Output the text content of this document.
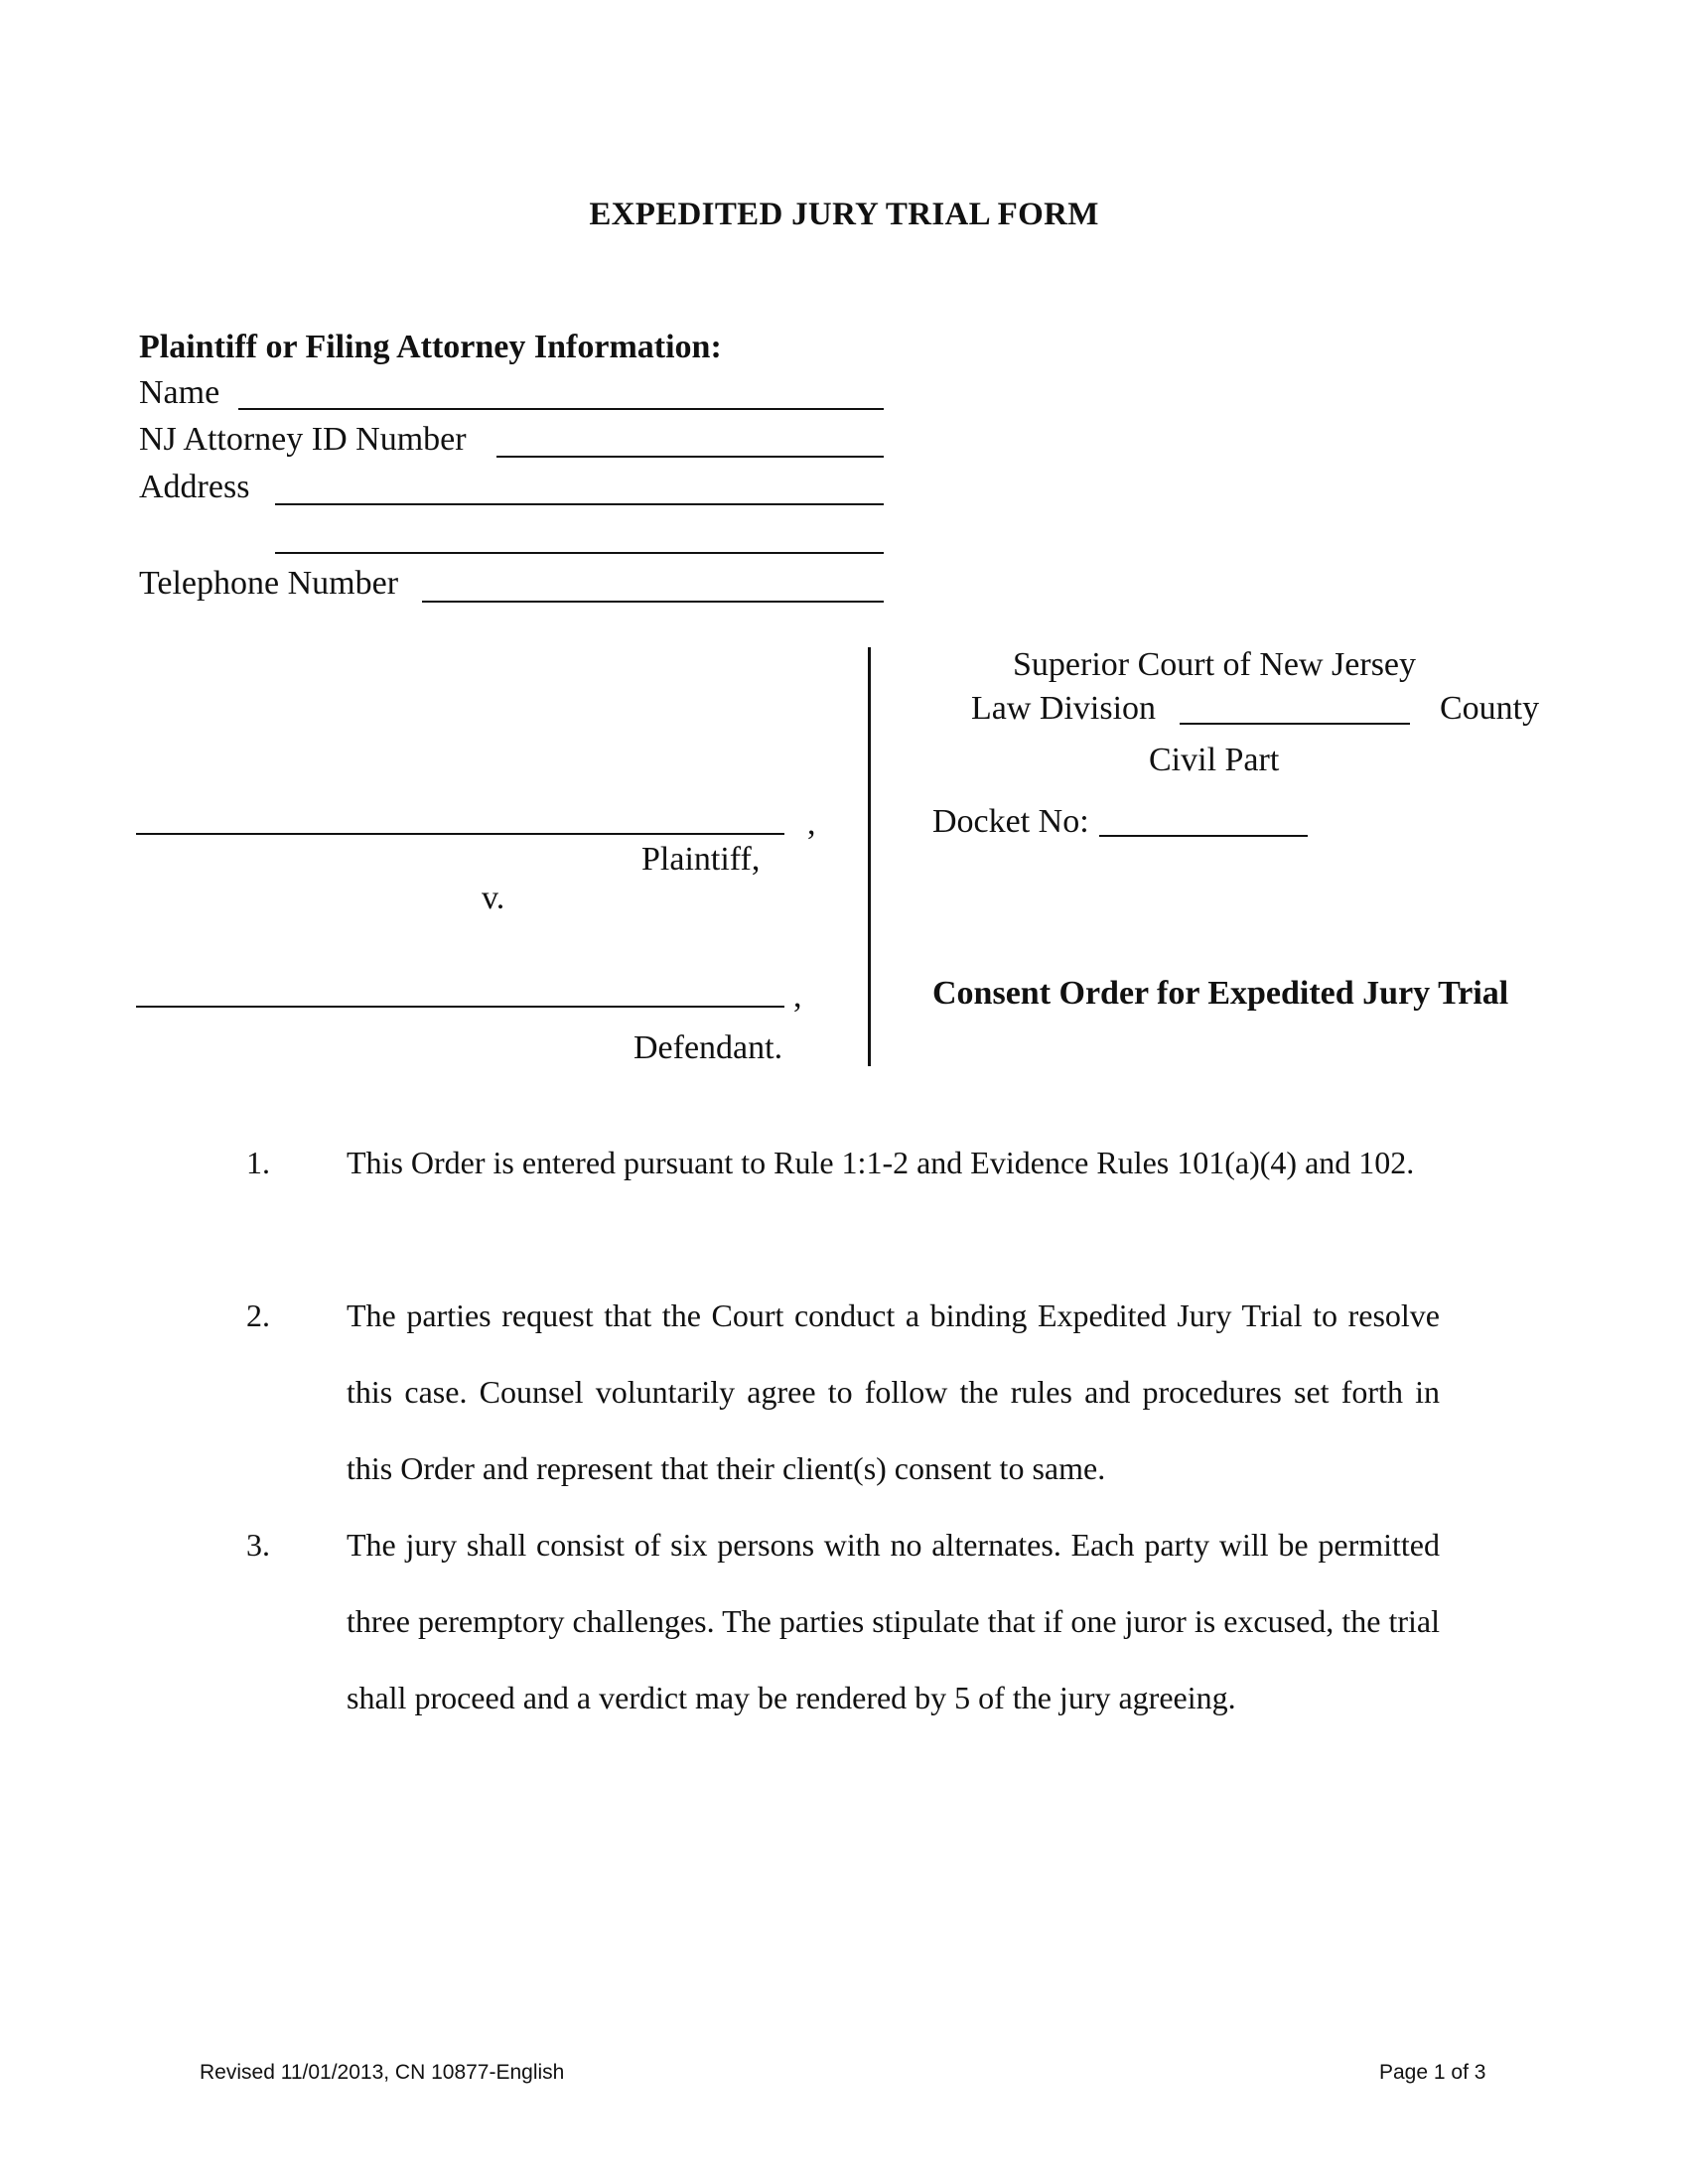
EXPEDITED JURY TRIAL FORM
Plaintiff or Filing Attorney Information:
Name
NJ Attorney ID Number
Address
Telephone Number
,
Plaintiff,
v.
,
Defendant.
Superior Court of New Jersey
Law Division	County
Civil Part
Docket No:
Consent Order for Expedited Jury Trial
1. This Order is entered pursuant to Rule 1:1-2 and Evidence Rules 101(a)(4) and 102.
2. The parties request that the Court conduct a binding Expedited Jury Trial to resolve this case. Counsel voluntarily agree to follow the rules and procedures set forth in this Order and represent that their client(s) consent to same.
3. The jury shall consist of six persons with no alternates. Each party will be permitted three peremptory challenges. The parties stipulate that if one juror is excused, the trial shall proceed and a verdict may be rendered by 5 of the jury agreeing.
Revised 11/01/2013, CN 10877-English	Page 1 of 3
